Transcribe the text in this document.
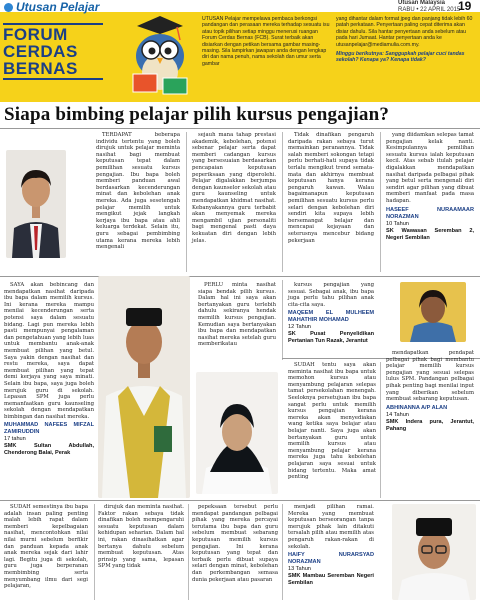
Utusan Pelajar	Utusan Malaysia
RABU • 22 APRIL 2015
19
FORUM
CERDAS
BERNAS
UTUSAN Pelajar mempelawa pembaca berkongsi pandangan dan perasaan mereka terhadap sesuatu isu atau topik pilihan setiap minggu menerusi ruangan Forum Cerdas Bernas (FCB). Surat terbaik akan disiarkan dengan petikan bersama gambar masing-masing. Sila lampirkan jawapan anda dengan lengkap diri dan nama penuh, nama sekolah dan umur serta gambar
yang dihantar dalam format jpeg dan panjang tidak lebih 60 patah perkataan. Penyertaan paling cepat diterima akan disiar dahulu. Sila hantar penyertaan anda sebelum atau pada hari Jumaat. Hantar penyertaan anda ke utusanpelajar@mediamulia.com.my.
Minggu berikutnya: Sanggupkah pelajar cuci tandas sekolah? Kenapa ya? Kenapa tidak?
Siapa bimbing pelajar pilih kursus pengajian?

TERDAPAT beberapa individu tertentu yang boleh dirujuk untuk pelajar meminta nasihat bagi membuat keputusan tepat dalam pemilihan sesuatu kursus pengajian. Ibu bapa boleh memberi panduan awal berdasarkan kecenderungan minat dan kebolehan anak mereka. Ada juga sesetengah pelajar memilih untuk mengikut jejak langkah kerjaya ibu bapa atau ahli keluarga terdekat. Selain itu, guru sebagai pembimbing utama kerana mereka lebih mengenali

sejauh mana tahap prestasi akademik, kebolehan, potensi sebenar pelajar serta dapat memberi cadangan kursus yang bersesuaian berdasarkan pencapaian keputusan peperiksaan yang diperolehi. Pelajar digalakkan berjumpa dengan kaunselor sekolah atau guru kaunseling untuk mendapatkan khidmat nasihat. Kebanyakannya guru terbabit akan menyemak mereka mengambil ujian personaliti bagi mengenal pasti daya kekuatan diri dengan lebih jelas.

Tidak dinafikan pengaruh daripada rakan sebaya turut memainkan peranannya. Tidak salah memberi sokongan tetapi perlu berhati-hati supaya tidak terlalu mengikut trend semata-mata dan akhirnya membuat keputusan hanya kerana pengaruh kawan. Walau bagaimanapun keputusan pemilihan sesuatu kursus perlu selari dengan kebolehan diri sendiri kita supaya lebih bersemangat belajar dan mencapai kejayaan dan seterusnya mencebur bidang pekerjaan

yang diidamkan selepas tamat pengajian kelak nanti. Kesimpulannya pemilihan sesuatu kursus ialah keputusan kecil. Atas sebab itulah pelajar digalakkan mendapatkan nasihat daripada pelbagai pihak yang betul serta mengenali diri sendiri agar pilihan yang dibuat memberi manfaat pada masa hadapan.

HASEEF NURAAMAAR NORAZMAN
10 Tahun
SK Wawasan Seremban 2, Negeri Sembilan

SAYA akan bebincang dan mendapatkan nasihat daripada ibu bapa dalam memilih kursus. Ini kerana mereka mampu menilai kecenderungan serta potensi saya dalam sesuatu bidang. Lagi pun mereka lebih pasti mempunyai pengalaman dan pengetahuan yang lebih luas untuk membantu anak-anak membuat pilihan yang betul. Saya yakin dengan nasihat dan restu mereka, saya dapat membuat pilihan yang tepat demi kerjaya yang saya minati. Selain ibu bapa, saya juga boleh merujuk guru di sekolah. Lepasan SPM juga perlu memanfaatkan guru kaunseling sekolah dengan mendapatkan bimbingan dan nasihat mereka.

MUHAMMAD NAFEES MIFZAL ZAMIRUDDIN
17 tahun
SMK Sultan Abdullah, Chenderong Balai, Perak

PERLU minta nasihat siapa bendak pilih kursus. Dalam hal ini saya akan bertanyakan guru terlebih dahulu sekiranya hendak memilih kursus pengajian. Kemudian saya bertanyakan ibu bapa dan mendapatkan nasihat mereka setelah guru memberikatau

kursus pengajian yang sesuai. Sebagai anak, ibu bapa juga perlu tahu pilihan anak cita-cita saya.

MAQEEM EL MULHEEM MAHATHIR MOHAMAD
12 Tahun
SK Pusat Penyelidikan Pertanian Tun Razak, Jerantut

SUDAH tentu saya akan meminta nasihat ibu bapa untuk memohon kursus atau menyambung pelajaran selepas tamat persekolahan menengah. Seeloknya persetujuan ibu bapa sangat perlu untuk memilih kursus pengajian kerana mereka akan menyediakan wang ketika saya belajar atau belajar nanti. Saya juga akan bertanyakan guru untuk memilih kursus atau menyambung pelajar kerana mereka juga tahu kebolehan pelajaran saya sesuai untuk bidang tertentu. Maka amat penting

mendapatkan pendapat pelbagai pihak bagi membantu pelajar memilih kursus pengajian yang sesuai selepas lulus SPM. Pandangan pelbagai pihak penting bagi menilai input yang diberikan sebelum membuat sebarang keputusan.

ABHINANNA A/P ALAN
14 Tahun
SMK Indera pura, Jerantut, Pahang

SUDAH semestinya ibu bapa adalah insan paling penting malah lebih rapat dalam memberi kepelbagaian nasihat, mencontohkan nilai nilai murni sebelum berfikir dan panduan kepada anak anak mereka sejak dari lahir lagi. Begitu juga di sekolah, guru juga berperanan membimbing serta menyumbang ilmu dari segi pelajaran,

dirujuk dan meminta nasihat. Faktor rakan sebaya tidak dinafikan boleh mempengaruhi sesuatu keputusan dalam kehidupan seharian. Dalam hal ini, rakan dinasihatkan agar bertanya dahulu sebelum membuat keputusan. Atas prinsip yang sama, lepasan SPM yang tidak

pepeksaan tersebut perlu mendapat pandangan pelbagai pihak yang mereka percayai terutama ibu bapa dan guru sebelum membuat sebarang keputusan memilih kursus pengajian. Ini kerana keputusan yang tepat dan terbaik perlu dibuat supaya selari dengan minat, kebolehan dan perkembangan semasa dunia pekerjaan atau pasaran

menjadi pilihan ramai. Mereka yang membuat keputusan berseorangan tanpa merujuk pihak lain ditakuti tersalah pilih atau memilih atas pengaruh rakan-rakan di sekolah.

HAIFY NURARSYAD NORAZMAN
13 Tahun
SMK Mambau Seremban Negeri Sembilan
